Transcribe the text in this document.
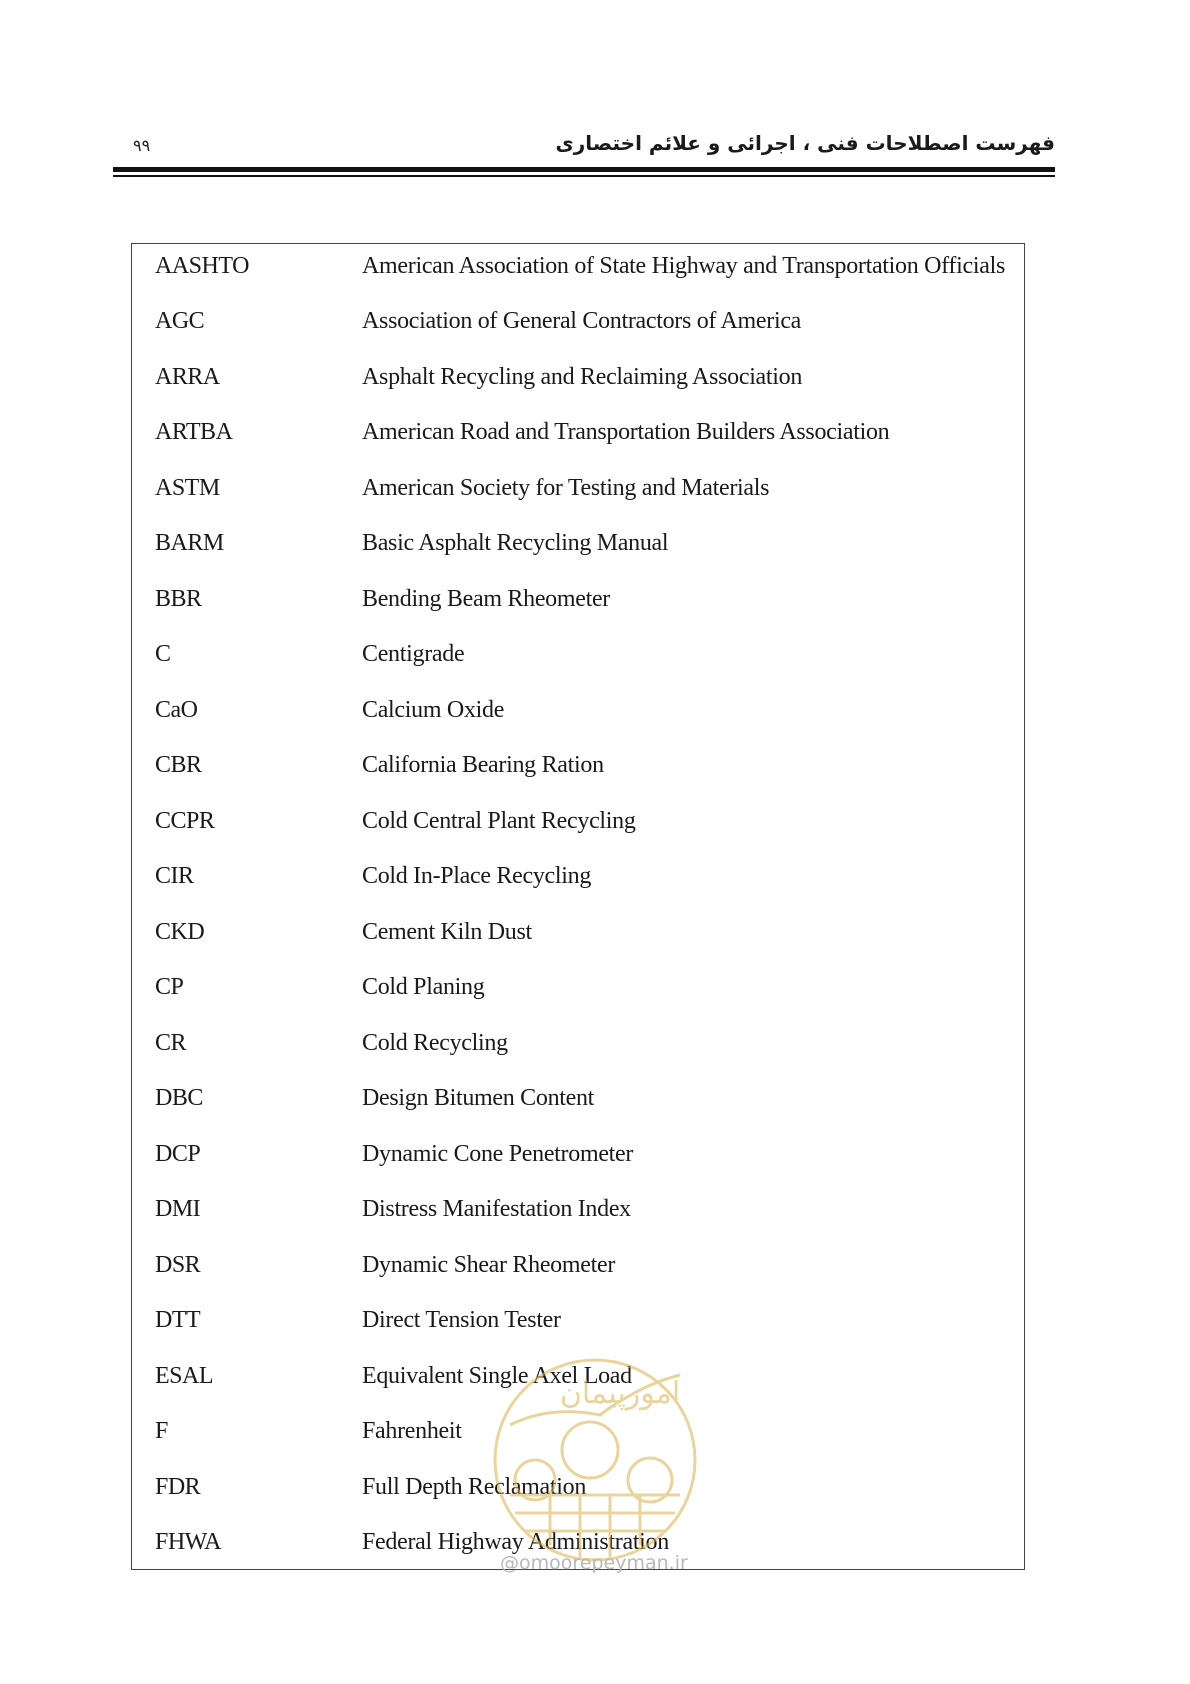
۹۹	فهرست اصطلاحات فنی ، اجرائی و علائم اختصاری
AASHTO	American Association of State Highway and Transportation Officials
AGC	Association of General Contractors of America
ARRA	Asphalt Recycling and Reclaiming Association
ARTBA	American Road and Transportation Builders Association
ASTM	American Society for Testing and Materials
BARM	Basic Asphalt Recycling Manual
BBR	Bending Beam Rheometer
C	Centigrade
CaO	Calcium Oxide
CBR	California Bearing Ration
CCPR	Cold Central Plant Recycling
CIR	Cold In-Place Recycling
CKD	Cement Kiln Dust
CP	Cold Planing
CR	Cold Recycling
DBC	Design Bitumen Content
DCP	Dynamic Cone Penetrometer
DMI	Distress Manifestation Index
DSR	Dynamic Shear Rheometer
DTT	Direct Tension Tester
ESAL	Equivalent Single Axel Load
F	Fahrenheit
FDR	Full Depth Reclamation
FHWA	Federal Highway Administration
امورپیمان
@omoorepeyman.ir
